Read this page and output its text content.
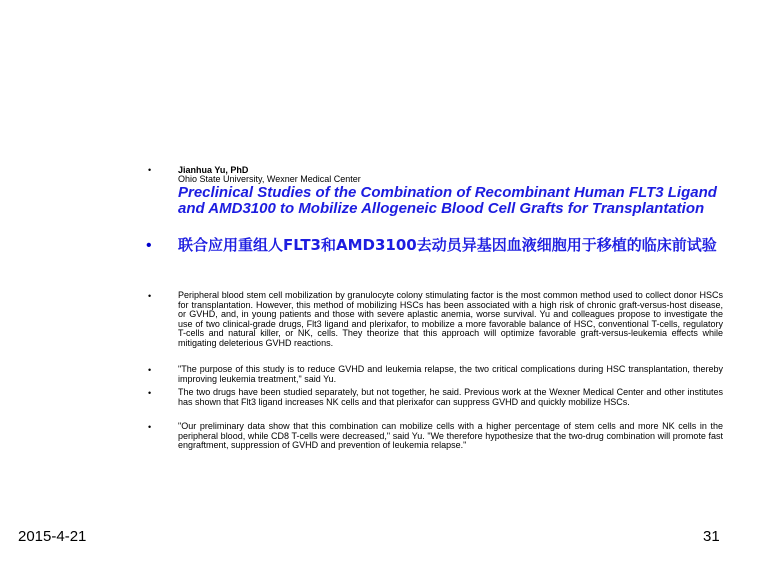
•	Jianhua Yu, PhD
Ohio State University, Wexner Medical Center
Preclinical Studies of the Combination of Recombinant Human FLT3 Ligand and AMD3100 to Mobilize Allogeneic Blood Cell Grafts for Transplantation
• 联合应用重组人FLT3和AMD3100去动员异基因血液细胞用于移植的临床前试验
•	Peripheral blood stem cell mobilization by granulocyte colony stimulating factor is the most common method used to collect donor HSCs for transplantation. However, this method of mobilizing HSCs has been associated with a high risk of chronic graft-versus-host disease, or GVHD, and, in young patients and those with severe aplastic anemia, worse survival. Yu and colleagues propose to investigate the use of two clinical-grade drugs, Flt3 ligand and plerixafor, to mobilize a more favorable balance of HSC, conventional T-cells, regulatory T-cells and natural killer, or NK, cells. They theorize that this approach will optimize favorable graft-versus-leukemia effects while mitigating deleterious GVHD reactions.
•	"The purpose of this study is to reduce GVHD and leukemia relapse, the two critical complications during HSC transplantation, thereby improving leukemia treatment," said Yu.
•	The two drugs have been studied separately, but not together, he said. Previous work at the Wexner Medical Center and other institutes has shown that Flt3 ligand increases NK cells and that plerixafor can suppress GVHD and quickly mobilize HSCs.
•	"Our preliminary data show that this combination can mobilize cells with a higher percentage of stem cells and more NK cells in the peripheral blood, while CD8 T-cells were decreased," said Yu. "We therefore hypothesize that the two-drug combination will promote fast engraftment, suppression of GVHD and prevention of leukemia relapse."
2015-4-21	31
